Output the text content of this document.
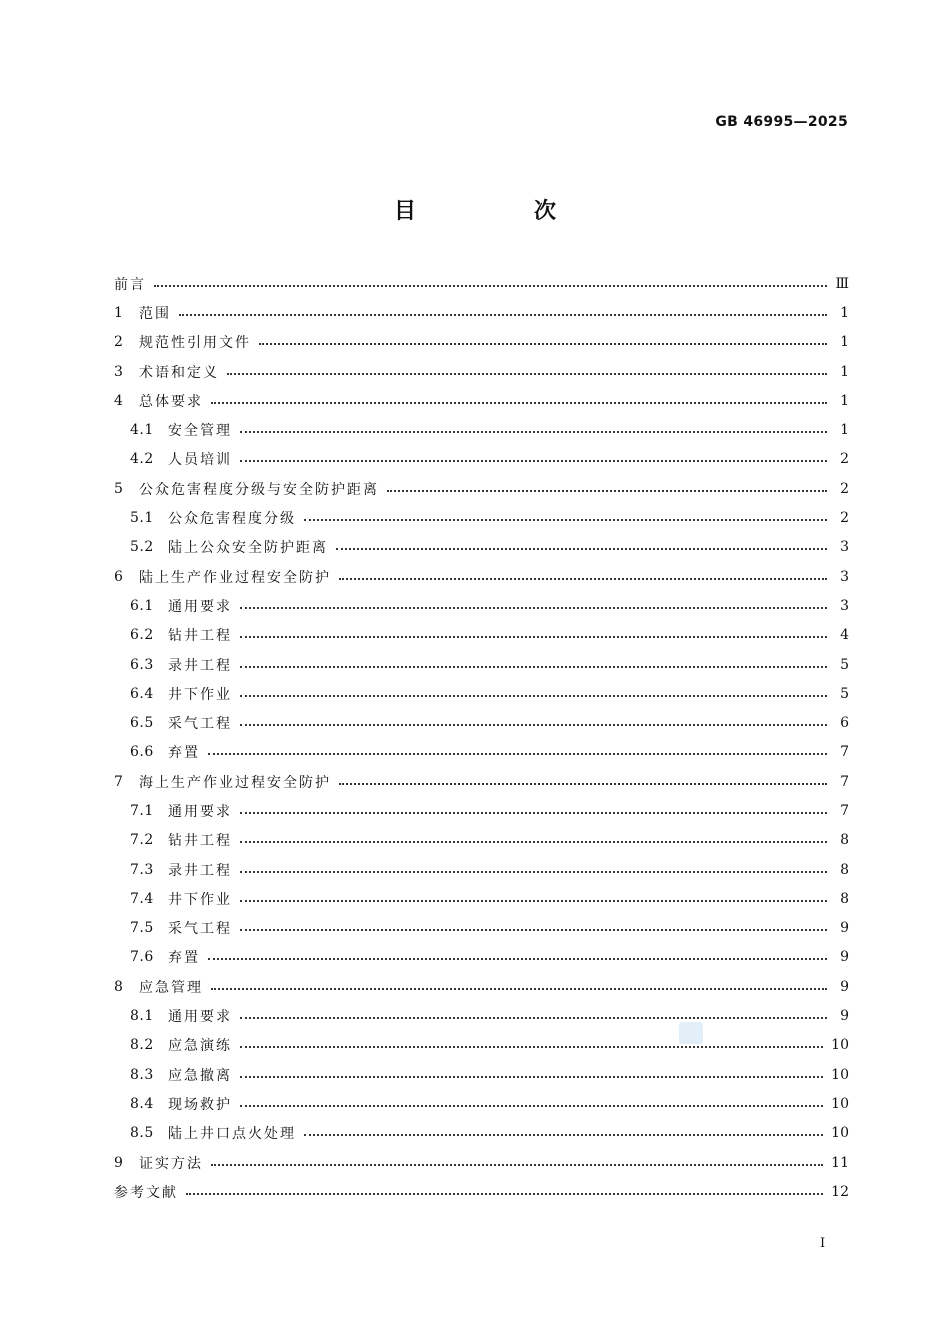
GB 46995—2025
目　次
前言	Ⅲ
1	范围	1
2	规范性引用文件	1
3	术语和定义	1
4	总体要求	1
4.1	安全管理	1
4.2	人员培训	2
5	公众危害程度分级与安全防护距离	2
5.1	公众危害程度分级	2
5.2	陆上公众安全防护距离	3
6	陆上生产作业过程安全防护	3
6.1	通用要求	3
6.2	钻井工程	4
6.3	录井工程	5
6.4	井下作业	5
6.5	采气工程	6
6.6	弃置	7
7	海上生产作业过程安全防护	7
7.1	通用要求	7
7.2	钻井工程	8
7.3	录井工程	8
7.4	井下作业	8
7.5	采气工程	9
7.6	弃置	9
8	应急管理	9
8.1	通用要求	9
8.2	应急演练	10
8.3	应急撤离	10
8.4	现场救护	10
8.5	陆上井口点火处理	10
9	证实方法	11
参考文献	12
Ⅰ
